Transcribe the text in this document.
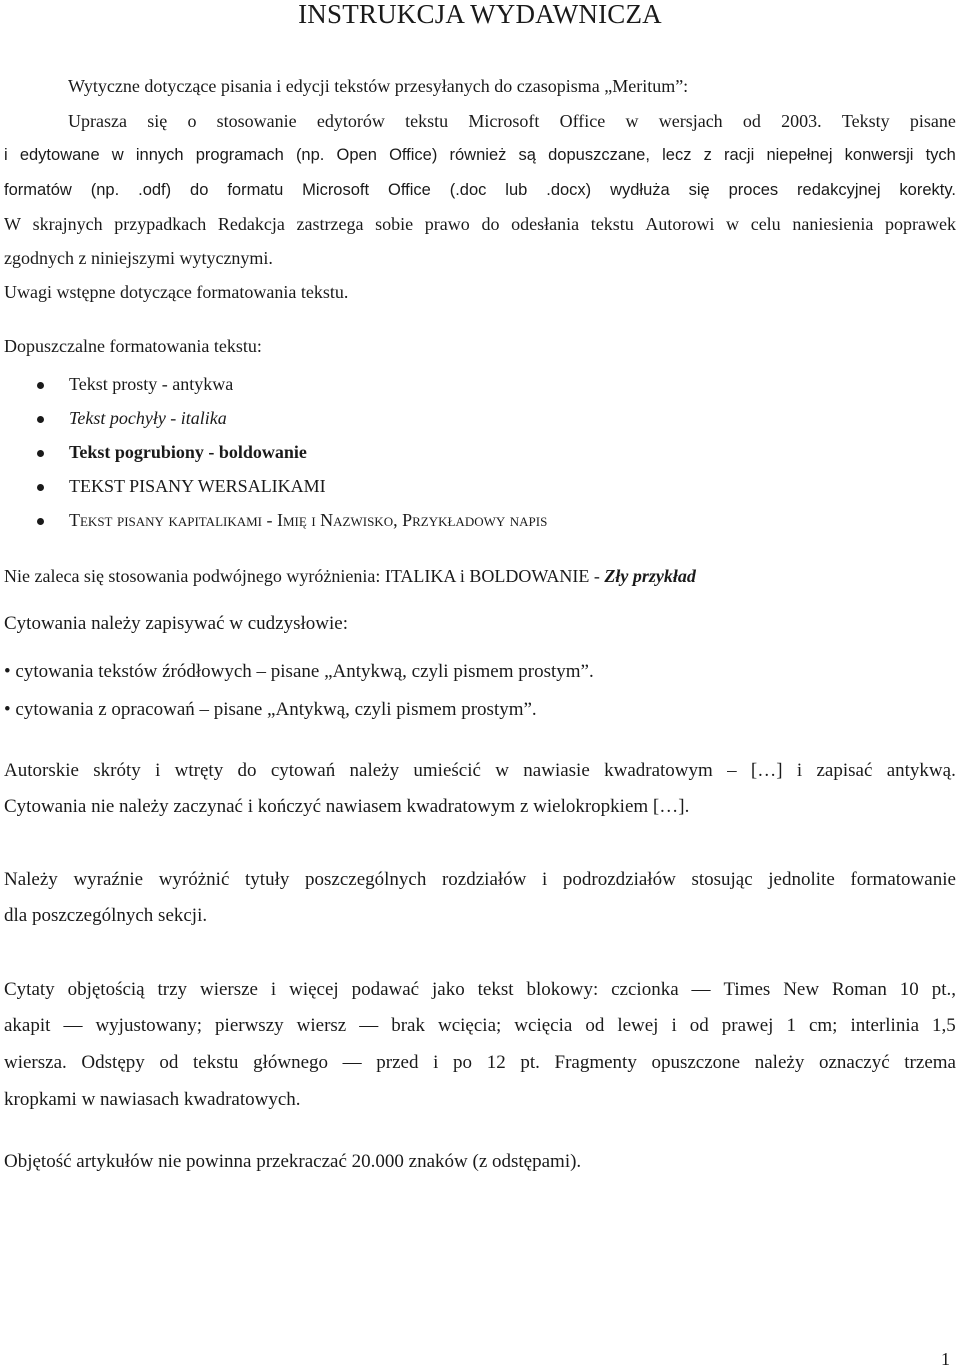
INSTRUKCJA WYDAWNICZA
Wytyczne dotyczące pisania i edycji tekstów przesyłanych do czasopisma „Meritum”:
Uprasza się o stosowanie edytorów tekstu Microsoft Office w wersjach od 2003. Teksty pisane
i edytowane w innych programach (np. Open Office) również są dopuszczane, lecz z racji niepełnej konwersji tych
formatów (np. .odf) do formatu Microsoft Office (.doc lub .docx) wydłuża się proces redakcyjnej korekty.
W skrajnych przypadkach Redakcja zastrzega sobie prawo do odesłania tekstu Autorowi w celu naniesienia poprawek
zgodnych z niniejszymi wytycznymi.
Uwagi wstępne dotyczące formatowania tekstu.
Dopuszczalne formatowania tekstu:
Tekst prosty - antykwa
Tekst pochyły - italika
Tekst pogrubiony - boldowanie
TEKST PISANY WERSALIKAMI
Tekst pisany kapitalikami - Imię i Nazwisko, Przykładowy napis
Nie zaleca się stosowania podwójnego wyróżnienia: ITALIKA i BOLDOWANIE - Zły przykład
Cytowania należy zapisywać w cudzysłowie:
• cytowania tekstów źródłowych – pisane „Antykwą, czyli pismem prostym”.
• cytowania z opracowań – pisane „Antykwą, czyli pismem prostym”.
Autorskie skróty i wtręty do cytowań należy umieścić w nawiasie kwadratowym – […] i zapisać antykwą.
Cytowania nie należy zaczynać i kończyć nawiasem kwadratowym z wielokropkiem […].
Należy wyraźnie wyróżnić tytuły poszczególnych rozdziałów i podrozdziałów stosując jednolite formatowanie
dla poszczególnych sekcji.
Cytaty objętością trzy wiersze i więcej podawać jako tekst blokowy: czcionka — Times New Roman 10 pt.,
akapit — wyjustowany; pierwszy wiersz — brak wcięcia; wcięcia od lewej i od prawej 1 cm; interlinia 1,5
wiersza. Odstępy od tekstu głównego — przed i po 12 pt. Fragmenty opuszczone należy oznaczyć trzema
kropkami w nawiasach kwadratowych.
Objętość artykułów nie powinna przekraczać 20.000 znaków (z odstępami).
1
